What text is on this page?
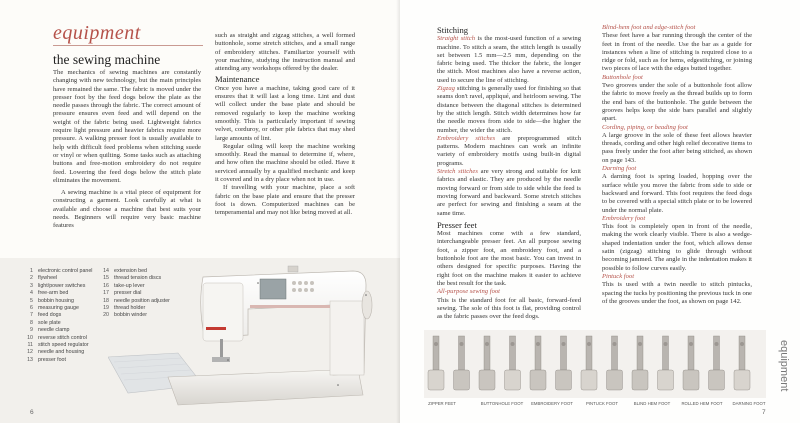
equipment
the sewing machine

The mechanics of sewing machines are constantly changing with new technology, but the main principles have remained the same. The fabric is moved under the presser foot by the feed dogs below the plate as the needle passes through the fabric. The correct amount of pressure ensures even feed and will depend on the weight of the fabric being used. Lightweight fabrics require light pressure and heavier fabrics require more pressure. A walking presser foot is usually available to help with difficult feed problems when stitching suede or vinyl or when quilting. Some tasks such as attaching buttons and free-motion embroidery do not require feed. Lowering the feed dogs below the stitch plate eliminates the movement.

A sewing machine is a vital piece of equipment for constructing a garment. Look carefully at what is available and choose a machine that best suits your needs. Beginners will require very basic machine features

such as straight and zigzag stitches, a well formed buttonhole, some stretch stitches, and a small range of embroidery stitches. Familiarize yourself with your machine, studying the instruction manual and attending any workshops offered by the dealer.

Maintenance

Once you have a machine, taking good care of it ensures that it will last a long time. Lint and dust will collect under the base plate and should be removed regularly to keep the machine working smoothly. This is particularly important if sewing velvet, corduroy, or other pile fabrics that may shed large amounts of lint.

Regular oiling will keep the machine working smoothly. Read the manual to determine if, where, and how often the machine should be oiled. Have it serviced annually by a qualified mechanic and keep it covered and in a dry place when not in use.

If travelling with your machine, place a soft fabric on the base plate and ensure that the presser foot is down. Computerized machines can be temperamental and may not like being moved at all.

1 electronic control panel
2 flywheel
3 light/power switches
4 free-arm bed
5 bobbin housing
6 measuring gauge
7 feed dogs
8 sole plate
9 needle clamp
10 reverse stitch control
11 stitch speed regulator
12 needle and housing
13 presser foot
14 extension bed
15 thread tension discs
16 take-up lever
17 presser dial
18 needle position adjuster
19 thread holder
20 bobbin winder
6
Stitching

Straight stitch is the most-used function of a sewing machine. To stitch a seam, the stitch length is usually set between 1.5 mm—2.5 mm, depending on the fabric being used. The thicker the fabric, the longer the stitch. Most machines also have a reverse action, used to secure the line of stitching.

Zigzag stitching is generally used for finishing so that seams don't ravel, appliqué, and heirloom sewing. The distance between the diagonal stitches is determined by the stitch length. Stitch width determines how far the needle moves from side to side—the higher the number, the wider the stitch.

Embroidery stitches are preprogrammed stitch patterns. Modern machines can work an infinite variety of embroidery motifs using built-in digital programs.

Stretch stitches are very strong and suitable for knit fabrics and elastic. They are produced by the needle moving forward or from side to side while the feed is moving forward and backward. Some stretch stitches are perfect for sewing and finishing a seam at the same time.

Presser feet

Most machines come with a few standard, interchangeable presser feet. An all purpose sewing foot, a zipper foot, an embroidery foot, and a buttonhole foot are the most basic. You can invest in others designed for specific purposes. Having the right foot on the machine makes it easier to achieve the best result for the task.

All-purpose sewing foot

This is the standard foot for all basic, forward-feed sewing. The sole of this foot is flat, providing control as the fabric passes over the feed dogs.

Blind-hem foot and edge-stitch foot

These feet have a bar running through the center of the feet in front of the needle. Use the bar as a guide for instances when a line of stitching is required close to a ridge or fold, such as for hems, edgestitching, or joining two pieces of lace with the edges butted together.

Buttonhole foot

Two grooves under the sole of a buttonhole foot allow the fabric to move freely as the thread builds up to form the end bars of the buttonhole. The guide between the grooves helps keep the side bars parallel and slightly apart.

Cording, piping, or beading foot

A large groove in the sole of these feet allows heavier threads, cording and other high relief decorative items to pass freely under the foot after being stitched, as shown on page 143.

Darning foot

A darning foot is spring loaded, hopping over the surface while you move the fabric from side to side or backward and forward. This foot requires the feed dogs to be covered with a special stitch plate or to be lowered under the normal plate.

Embroidery foot

This foot is completely open in front of the needle, making the work clearly visible. There is also a wedge-shaped indentation under the foot, which allows dense satin (zigzag) stitching to glide through without becoming jammed. The angle in the indentation makes it possible to follow curves easily.

Pintuck foot

This is used with a twin needle to stitch pintucks, spacing the tucks by positioning the previous tuck in one of the grooves under the foot, as shown on page 142.

ZIPPER FEET	BUTTONHOLE FOOT EMBROIDERY FOOT	PINTUCK FOOT	BLIND HEM FOOT	ROLLED HEM FOOT DARNING FOOT
equipment
7
